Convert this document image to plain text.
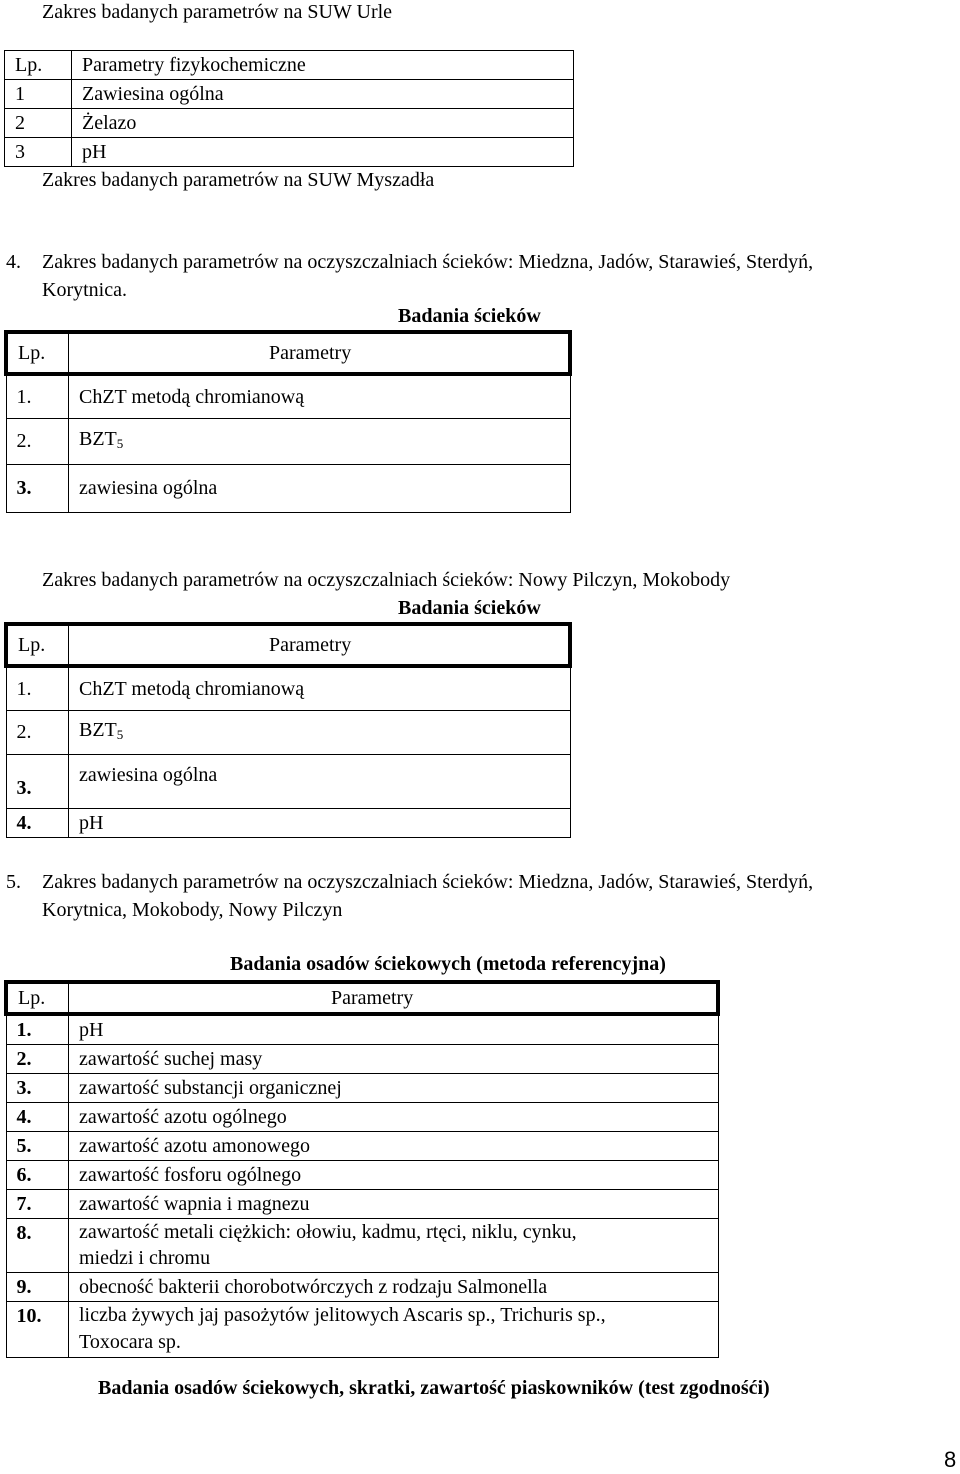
Zakres badanych parametrów na SUW Urle
Lp.	Parametry fizykochemiczne
1	Zawiesina ogólna
2	Żelazo
3	pH
Zakres badanych parametrów na SUW Myszadła
4. Zakres badanych parametrów na oczyszczalniach ścieków: Miedzna, Jadów, Starawieś, Sterdyń,
Korytnica.
Badania ścieków
Lp.	Parametry
1.	ChZT metodą chromianową
2.	$BZT_5$
3.	zawiesina ogólna
Zakres badanych parametrów na oczyszczalniach ścieków: Nowy Pilczyn, Mokobody
Badania ścieków
Lp.	Parametry
1.	ChZT metodą chromianową
2.	$BZT_5$
3.	zawiesina ogólna
4.	pH
5. Zakres badanych parametrów na oczyszczalniach ścieków: Miedzna, Jadów, Starawieś, Sterdyń,
Korytnica, Mokobody, Nowy Pilczyn
Badania osadów ściekowych (metoda referencyjna)
Lp.	Parametry
1.	pH
2.	zawartość suchej masy
3.	zawartość substancji organicznej
4.	zawartość azotu ogólnego
5.	zawartość azotu amonowego
6.	zawartość fosforu ogólnego
7.	zawartość wapnia i magnezu
8.	zawartość metali ciężkich: ołowiu, kadmu, rtęci, niklu, cynku,
miedzi i chromu

9.	obecność bakterii chorobotwórczych z rodzaju Salmonella
10.	liczba żywych jaj pasożytów jelitowych Ascaris sp., Trichuris sp.,
Toxocara sp.
Badania osadów ściekowych, skratki, zawartość piaskowników (test zgodnośći)
8
